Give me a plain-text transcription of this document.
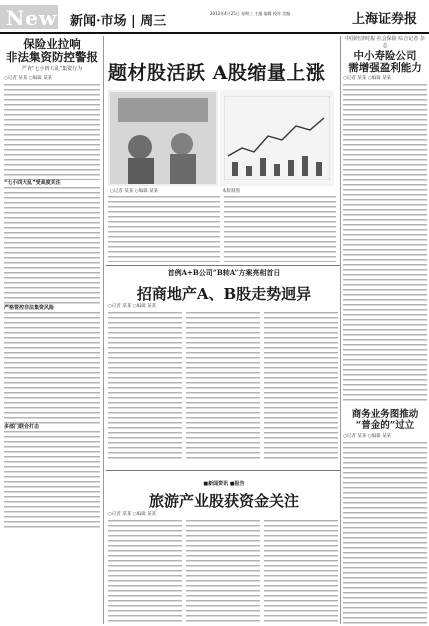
News 新闻·市场 | 周三
2012年4月25日 星期三 主编 编辑 校对 美编	上海证券报
保险业拉响
非法集资防控警报
严查“七小四大乱”集资行为
○记者 某某 ○编辑 某某
“七小四大乱”受高度关注
严格管控非法集资风险
多部门联合打击
题材股活跃 A股缩量上涨
○记者 某某 ○编辑 某某	本版制图
首例A+B公司“B转A”方案亮相首日
招商地产A、B股走势迥异
○记者 某某 ○编辑 某某
■新闻资讯 ■报告
旅游产业股获资金关注
○记者 某某 ○编辑 某某
中国经济时报 社会保险 综合记者 杂志
中小寿险公司
需增强盈利能力
○记者 某某 ○编辑 某某
商务业务图推动
“普金的”过立
○记者 某某 ○编辑 某某
